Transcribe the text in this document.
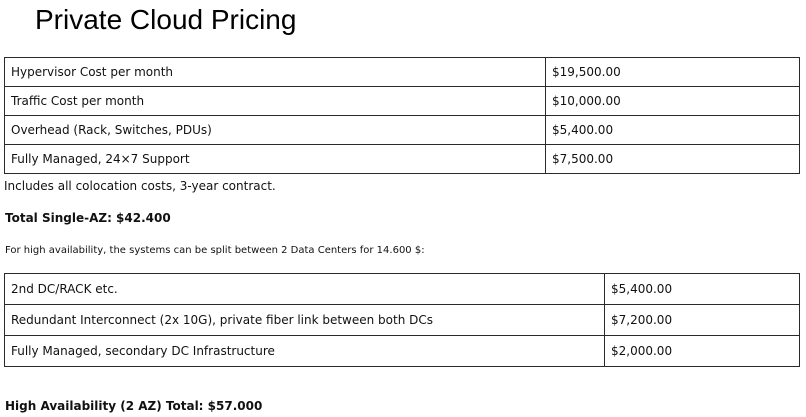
Private Cloud Pricing
Hypervisor Cost per month	$19,500.00
Traffic Cost per month	$10,000.00
Overhead (Rack, Switches, PDUs)	$5,400.00
Fully Managed, 24×7 Support	$7,500.00
Includes all colocation costs, 3-year contract.
Total Single-AZ: $42.400
For high availability, the systems can be split between 2 Data Centers for 14.600 $:
2nd DC/RACK etc.	$5,400.00
Redundant Interconnect (2x 10G), private fiber link between both DCs	$7,200.00
Fully Managed, secondary DC Infrastructure	$2,000.00
High Availability (2 AZ) Total: $57.000
